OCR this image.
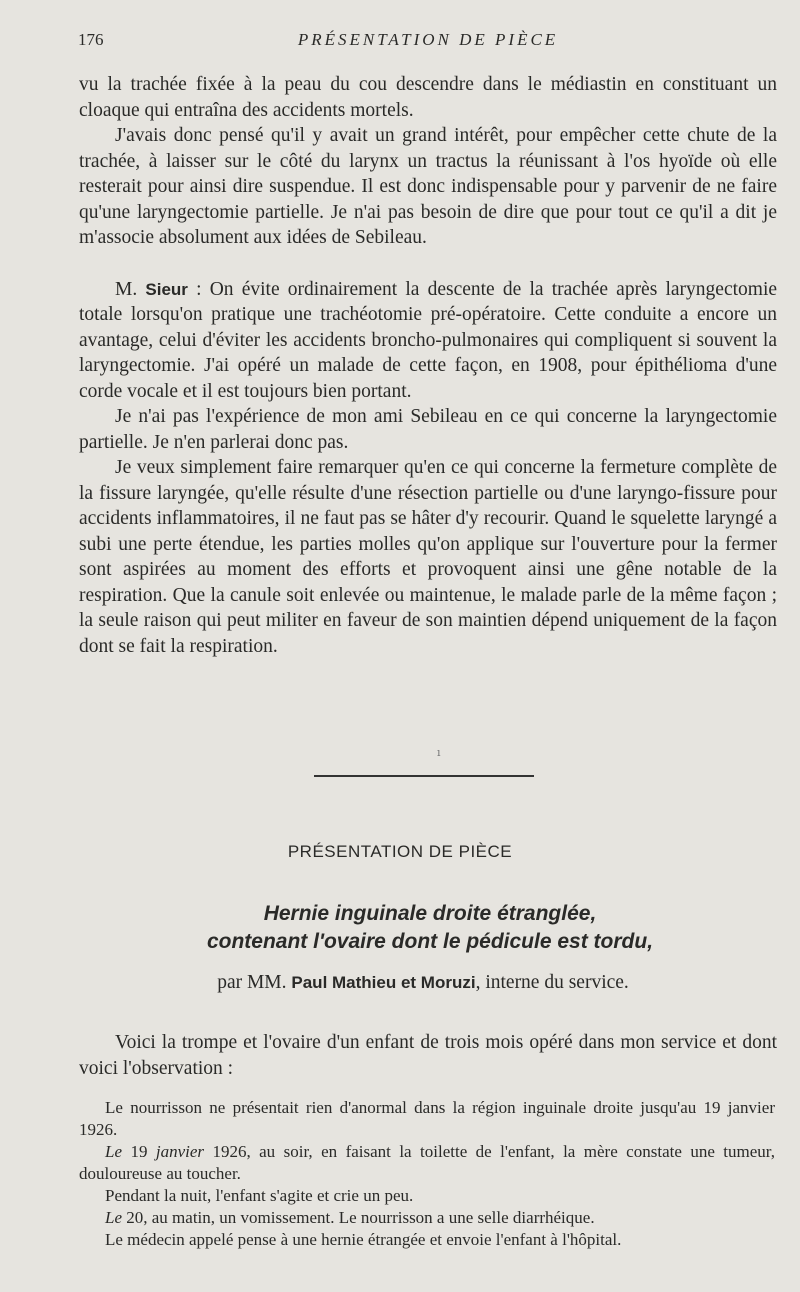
176	PRÉSENTATION DE PIÈCE

vu la trachée fixée à la peau du cou descendre dans le médiastin en constituant un cloaque qui entraîna des accidents mortels.

J'avais donc pensé qu'il y avait un grand intérêt, pour empêcher cette chute de la trachée, à laisser sur le côté du larynx un tractus la réunissant à l'os hyoïde où elle resterait pour ainsi dire suspendue. Il est donc indispensable pour y parvenir de ne faire qu'une laryngectomie partielle. Je n'ai pas besoin de dire que pour tout ce qu'il a dit je m'associe absolument aux idées de Sebileau.

M. Sieur : On évite ordinairement la descente de la trachée après laryngectomie totale lorsqu'on pratique une trachéotomie pré-opératoire. Cette conduite a encore un avantage, celui d'éviter les accidents broncho-pulmonaires qui compliquent si souvent la laryngectomie. J'ai opéré un malade de cette façon, en 1908, pour épithélioma d'une corde vocale et il est toujours bien portant.

Je n'ai pas l'expérience de mon ami Sebileau en ce qui concerne la laryngectomie partielle. Je n'en parlerai donc pas.

Je veux simplement faire remarquer qu'en ce qui concerne la fermeture complète de la fissure laryngée, qu'elle résulte d'une résection partielle ou d'une laryngo-fissure pour accidents inflammatoires, il ne faut pas se hâter d'y recourir. Quand le squelette laryngé a subi une perte étendue, les parties molles qu'on applique sur l'ouverture pour la fermer sont aspirées au moment des efforts et provoquent ainsi une gêne notable de la respiration. Que la canule soit enlevée ou maintenue, le malade parle de la même façon ; la seule raison qui peut militer en faveur de son maintien dépend uniquement de la façon dont se fait la respiration.

ı
PRÉSENTATION DE PIÈCE
Hernie inguinale droite étranglée,
contenant l'ovaire dont le pédicule est tordu,
par MM. Paul Mathieu et Moruzi, interne du service.

Voici la trompe et l'ovaire d'un enfant de trois mois opéré dans mon service et dont voici l'observation :

Le nourrisson ne présentait rien d'anormal dans la région inguinale droite jusqu'au 19 janvier 1926.

Le 19 janvier 1926, au soir, en faisant la toilette de l'enfant, la mère constate une tumeur, douloureuse au toucher.

Pendant la nuit, l'enfant s'agite et crie un peu.

Le 20, au matin, un vomissement. Le nourrisson a une selle diarrhéique.

Le médecin appelé pense à une hernie étrangée et envoie l'enfant à l'hôpital.
